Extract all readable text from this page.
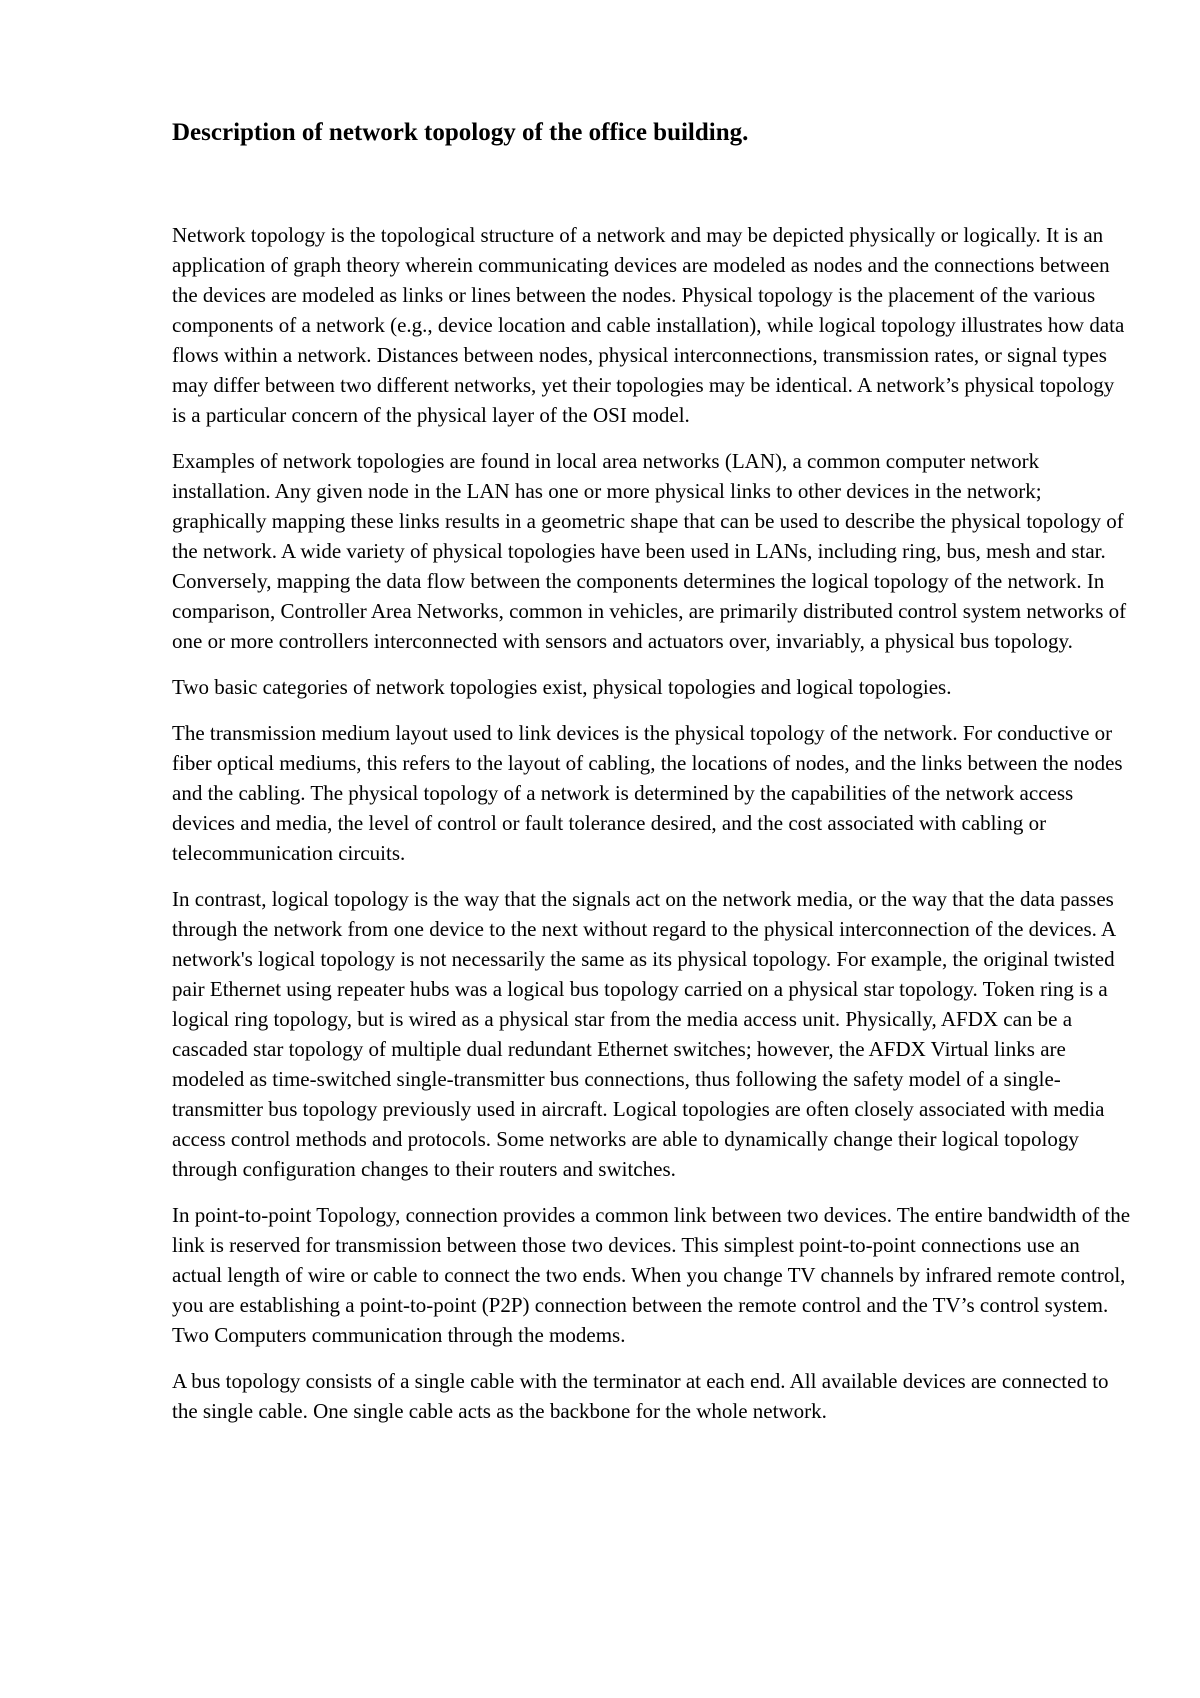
Description of network topology of the office building.

Network topology is the topological structure of a network and may be depicted physically or logically. It is an application of graph theory wherein communicating devices are modeled as nodes and the connections between the devices are modeled as links or lines between the nodes. Physical topology is the placement of the various components of a network (e.g., device location and cable installation), while logical topology illustrates how data flows within a network. Distances between nodes, physical interconnections, transmission rates, or signal types may differ between two different networks, yet their topologies may be identical. A network’s physical topology is a particular concern of the physical layer of the OSI model.

Examples of network topologies are found in local area networks (LAN), a common computer network installation. Any given node in the LAN has one or more physical links to other devices in the network; graphically mapping these links results in a geometric shape that can be used to describe the physical topology of the network. A wide variety of physical topologies have been used in LANs, including ring, bus, mesh and star. Conversely, mapping the data flow between the components determines the logical topology of the network. In comparison, Controller Area Networks, common in vehicles, are primarily distributed control system networks of one or more controllers interconnected with sensors and actuators over, invariably, a physical bus topology.

Two basic categories of network topologies exist, physical topologies and logical topologies.

The transmission medium layout used to link devices is the physical topology of the network. For conductive or fiber optical mediums, this refers to the layout of cabling, the locations of nodes, and the links between the nodes and the cabling. The physical topology of a network is determined by the capabilities of the network access devices and media, the level of control or fault tolerance desired, and the cost associated with cabling or telecommunication circuits.

In contrast, logical topology is the way that the signals act on the network media, or the way that the data passes through the network from one device to the next without regard to the physical interconnection of the devices. A network's logical topology is not necessarily the same as its physical topology. For example, the original twisted pair Ethernet using repeater hubs was a logical bus topology carried on a physical star topology. Token ring is a logical ring topology, but is wired as a physical star from the media access unit. Physically, AFDX can be a cascaded star topology of multiple dual redundant Ethernet switches; however, the AFDX Virtual links are modeled as time-switched single-transmitter bus connections, thus following the safety model of a single-transmitter bus topology previously used in aircraft. Logical topologies are often closely associated with media access control methods and protocols. Some networks are able to dynamically change their logical topology through configuration changes to their routers and switches.

In point-to-point Topology, connection provides a common link between two devices. The entire bandwidth of the link is reserved for transmission between those two devices. This simplest point-to-point connections use an actual length of wire or cable to connect the two ends. When you change TV channels by infrared remote control, you are establishing a point-to-point (P2P) connection between the remote control and the TV’s control system. Two Computers communication through the modems.

A bus topology consists of a single cable with the terminator at each end. All available devices are connected to the single cable. One single cable acts as the backbone for the whole network.
